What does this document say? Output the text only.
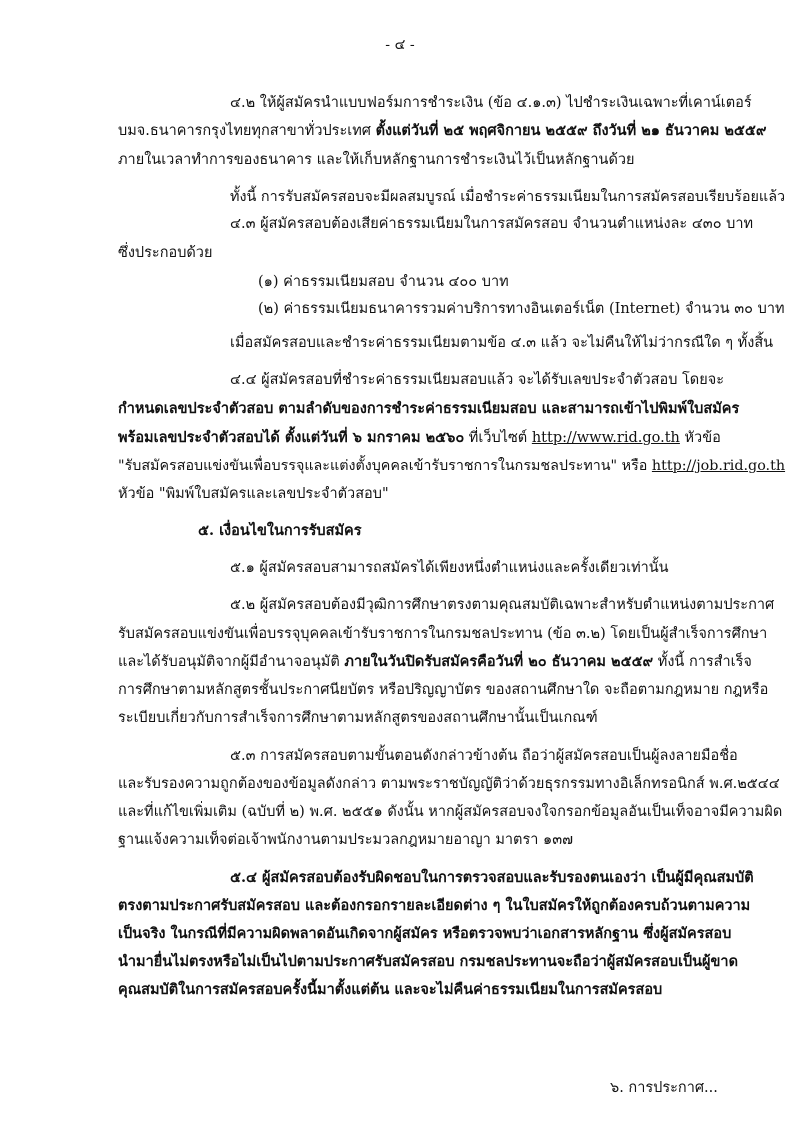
- ๔ -
๔.๒ ให้ผู้สมัครนำแบบฟอร์มการชำระเงิน (ข้อ ๔.๑.๓) ไปชำระเงินเฉพาะที่เคาน์เตอร์
บมจ.ธนาคารกรุงไทยทุกสาขาทั่วประเทศ ตั้งแต่วันที่ ๒๕ พฤศจิกายน ๒๕๕๙ ถึงวันที่ ๒๑ ธันวาคม ๒๕๕๙
ภายในเวลาทำการของธนาคาร และให้เก็บหลักฐานการชำระเงินไว้เป็นหลักฐานด้วย
ทั้งนี้ การรับสมัครสอบจะมีผลสมบูรณ์ เมื่อชำระค่าธรรมเนียมในการสมัครสอบเรียบร้อยแล้ว
๔.๓ ผู้สมัครสอบต้องเสียค่าธรรมเนียมในการสมัครสอบ จำนวนตำแหน่งละ ๔๓๐ บาท
ซึ่งประกอบด้วย
(๑) ค่าธรรมเนียมสอบ จำนวน ๔๐๐ บาท
(๒) ค่าธรรมเนียมธนาคารรวมค่าบริการทางอินเตอร์เน็ต (Internet) จำนวน ๓๐ บาท
เมื่อสมัครสอบและชำระค่าธรรมเนียมตามข้อ ๔.๓ แล้ว จะไม่คืนให้ไม่ว่ากรณีใด ๆ ทั้งสิ้น
๔.๔ ผู้สมัครสอบที่ชำระค่าธรรมเนียมสอบแล้ว จะได้รับเลขประจำตัวสอบ โดยจะ
กำหนดเลขประจำตัวสอบ ตามลำดับของการชำระค่าธรรมเนียมสอบ และสามารถเข้าไปพิมพ์ใบสมัคร
พร้อมเลขประจำตัวสอบได้ ตั้งแต่วันที่ ๖ มกราคม ๒๕๖๐ ที่เว็บไซต์ http://www.rid.go.th หัวข้อ
"รับสมัครสอบแข่งขันเพื่อบรรจุและแต่งตั้งบุคคลเข้ารับราชการในกรมชลประทาน" หรือ http://job.rid.go.th
หัวข้อ "พิมพ์ใบสมัครและเลขประจำตัวสอบ"
๕. เงื่อนไขในการรับสมัคร
๕.๑ ผู้สมัครสอบสามารถสมัครได้เพียงหนึ่งตำแหน่งและครั้งเดียวเท่านั้น
๕.๒ ผู้สมัครสอบต้องมีวุฒิการศึกษาตรงตามคุณสมบัติเฉพาะสำหรับตำแหน่งตามประกาศ
รับสมัครสอบแข่งขันเพื่อบรรจุบุคคลเข้ารับราชการในกรมชลประทาน (ข้อ ๓.๒) โดยเป็นผู้สำเร็จการศึกษา
และได้รับอนุมัติจากผู้มีอำนาจอนุมัติ ภายในวันปิดรับสมัครคือวันที่ ๒๐ ธันวาคม ๒๕๕๙ ทั้งนี้ การสำเร็จ
การศึกษาตามหลักสูตรชั้นประกาศนียบัตร หรือปริญญาบัตร ของสถานศึกษาใด จะถือตามกฎหมาย กฎหรือ
ระเบียบเกี่ยวกับการสำเร็จการศึกษาตามหลักสูตรของสถานศึกษานั้นเป็นเกณฑ์
๕.๓ การสมัครสอบตามขั้นตอนดังกล่าวข้างต้น ถือว่าผู้สมัครสอบเป็นผู้ลงลายมือชื่อ
และรับรองความถูกต้องของข้อมูลดังกล่าว ตามพระราชบัญญัติว่าด้วยธุรกรรมทางอิเล็กทรอนิกส์ พ.ศ.๒๕๔๔
และที่แก้ไขเพิ่มเติม (ฉบับที่ ๒) พ.ศ. ๒๕๕๑ ดังนั้น หากผู้สมัครสอบจงใจกรอกข้อมูลอันเป็นเท็จอาจมีความผิด
ฐานแจ้งความเท็จต่อเจ้าพนักงานตามประมวลกฎหมายอาญา มาตรา ๑๓๗
๕.๔ ผู้สมัครสอบต้องรับผิดชอบในการตรวจสอบและรับรองตนเองว่า เป็นผู้มีคุณสมบัติ
ตรงตามประกาศรับสมัครสอบ และต้องกรอกรายละเอียดต่าง ๆ ในใบสมัครให้ถูกต้องครบถ้วนตามความ
เป็นจริง ในกรณีที่มีความผิดพลาดอันเกิดจากผู้สมัคร หรือตรวจพบว่าเอกสารหลักฐาน ซึ่งผู้สมัครสอบ
นำมายื่นไม่ตรงหรือไม่เป็นไปตามประกาศรับสมัครสอบ กรมชลประทานจะถือว่าผู้สมัครสอบเป็นผู้ขาด
คุณสมบัติในการสมัครสอบครั้งนี้มาตั้งแต่ต้น และจะไม่คืนค่าธรรมเนียมในการสมัครสอบ
๖. การประกาศ...
